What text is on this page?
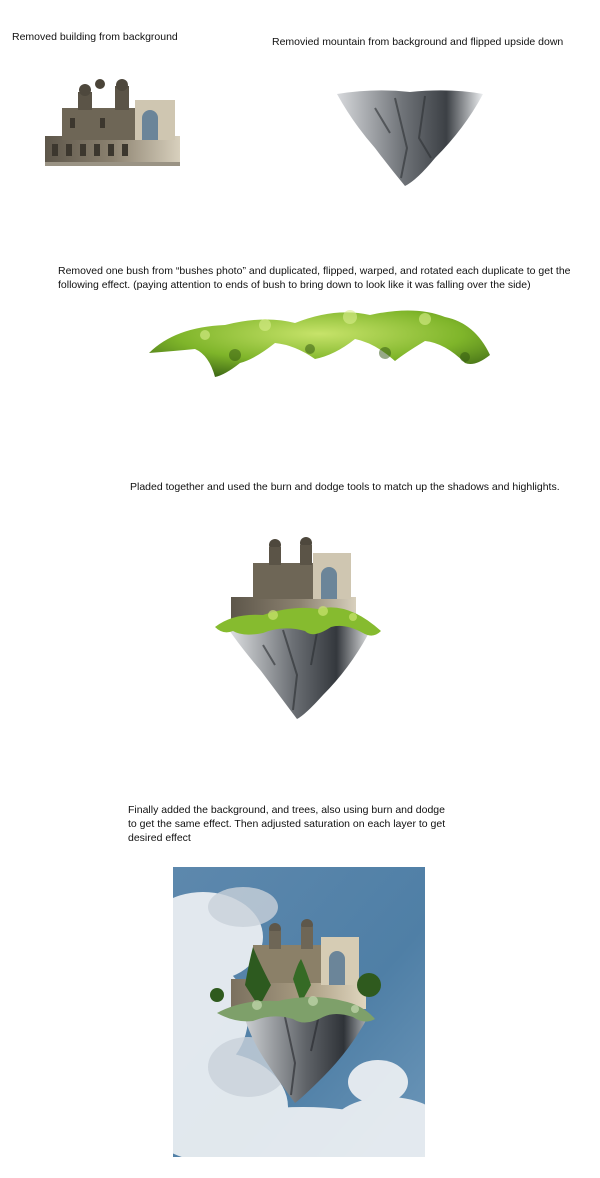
Removed building from background	Removied mountain from background and flipped upside down

Removed one bush from “bushes photo” and duplicated, flipped, warped, and rotated each duplicate to get the following effect. (paying attention to ends of bush to bring down to look like it was falling over the side)

Pladed together and used the burn and dodge tools to match up the shadows and highlights.

Finally added the background, and trees, also using burn and dodge
to get the same effect. Then adjusted saturation on each layer to get
desired effect
